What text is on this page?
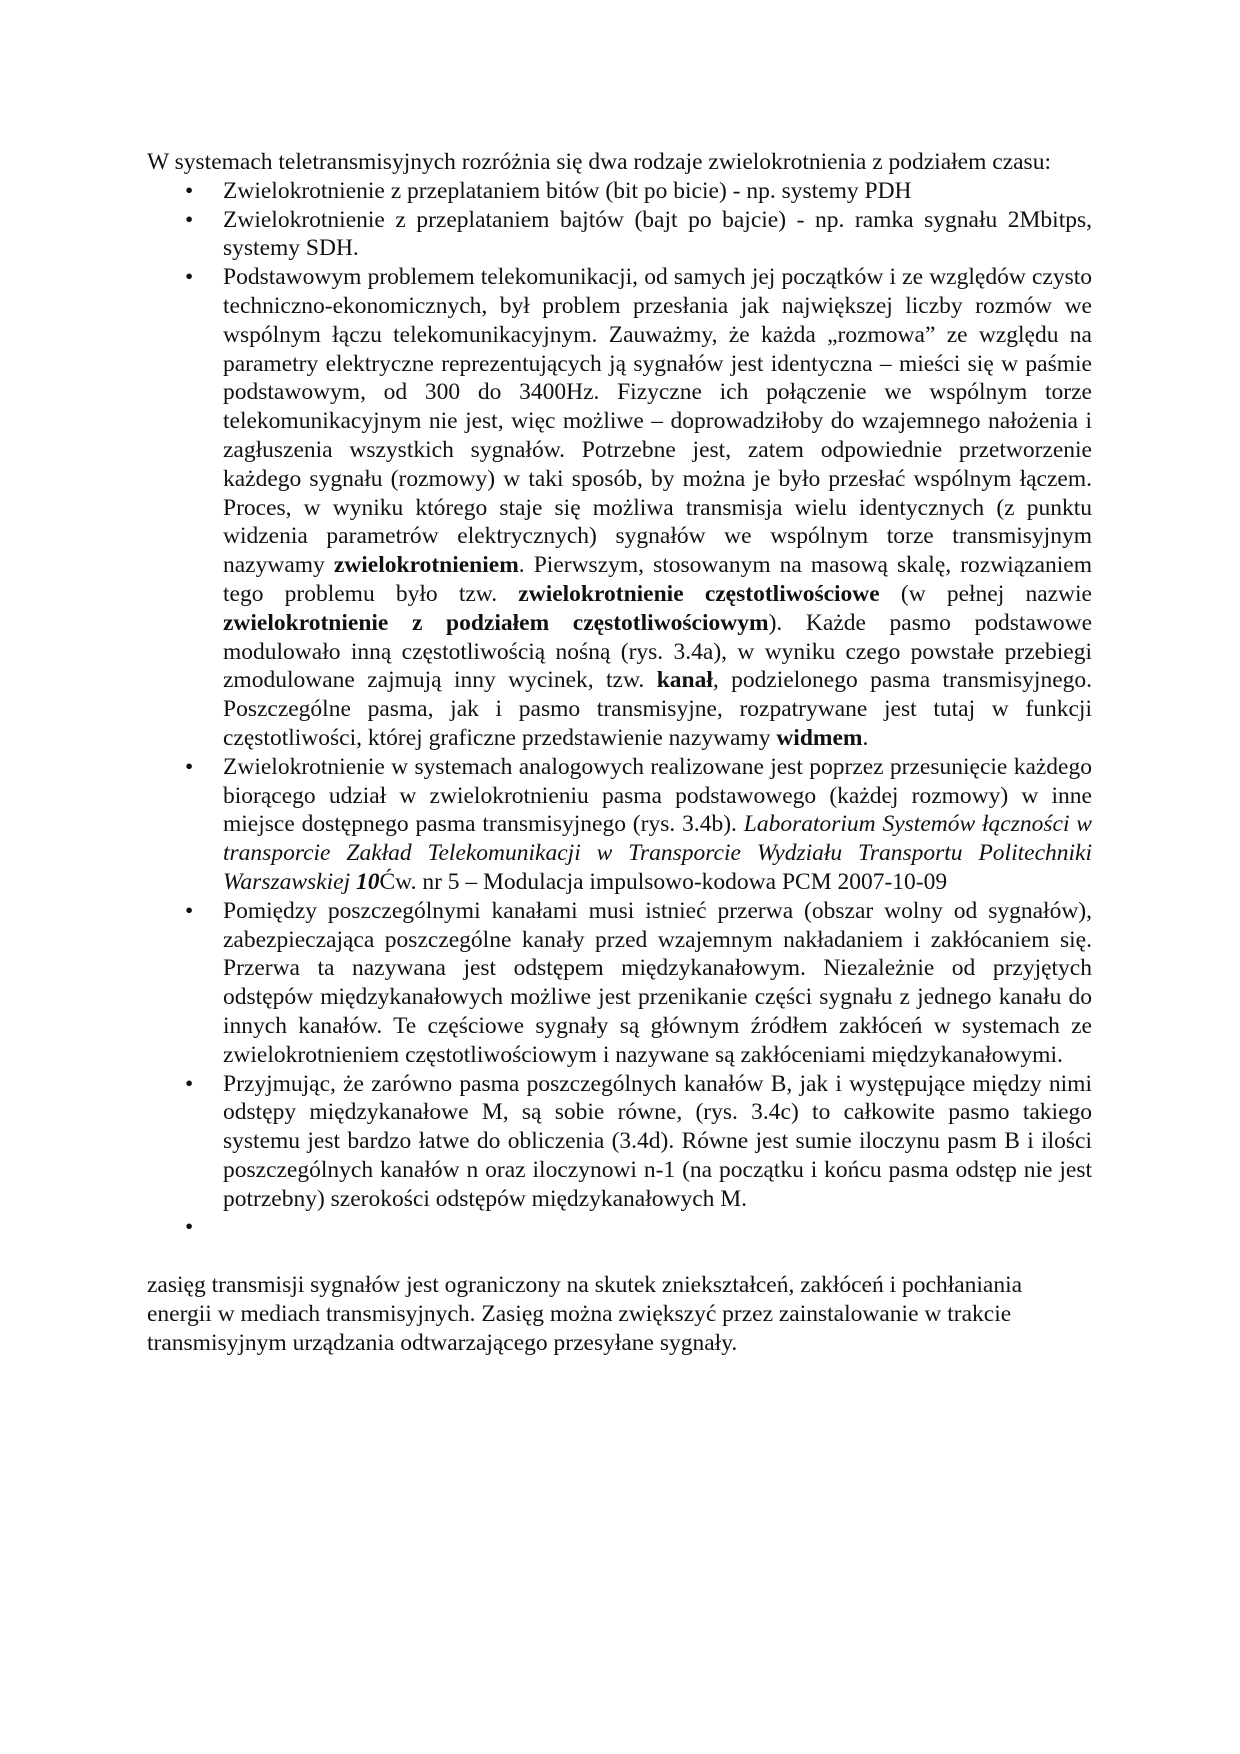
W systemach teletransmisyjnych rozróżnia się dwa rodzaje zwielokrotnienia z podziałem czasu:

• Zwielokrotnienie z przeplataniem bitów (bit po bicie) - np. systemy PDH
• Zwielokrotnienie z przeplataniem bajtów (bajt po bajcie) - np. ramka sygnału 2Mbitps, systemy SDH.
• Podstawowym problemem telekomunikacji, od samych jej początków i ze względów czysto techniczno-ekonomicznych, był problem przesłania jak największej liczby rozmów we wspólnym łączu telekomunikacyjnym. Zauważmy, że każda „rozmowa” ze względu na parametry elektryczne reprezentujących ją sygnałów jest identyczna – mieści się w paśmie podstawowym, od 300 do 3400Hz. Fizyczne ich połączenie we wspólnym torze telekomunikacyjnym nie jest, więc możliwe – doprowadziłoby do wzajemnego nałożenia i zagłuszenia wszystkich sygnałów. Potrzebne jest, zatem odpowiednie przetworzenie każdego sygnału (rozmowy) w taki sposób, by można je było przesłać wspólnym łączem. Proces, w wyniku którego staje się możliwa transmisja wielu identycznych (z punktu widzenia parametrów elektrycznych) sygnałów we wspólnym torze transmisyjnym nazywamy zwielokrotnieniem. Pierwszym, stosowanym na masową skalę, rozwiązaniem tego problemu było tzw. zwielokrotnienie częstotliwościowe (w pełnej nazwie zwielokrotnienie z podziałem częstotliwościowym). Każde pasmo podstawowe modulowało inną częstotliwością nośną (rys. 3.4a), w wyniku czego powstałe przebiegi zmodulowane zajmują inny wycinek, tzw. kanał, podzielonego pasma transmisyjnego. Poszczególne pasma, jak i pasmo transmisyjne, rozpatrywane jest tutaj w funkcji częstotliwości, której graficzne przedstawienie nazywamy widmem.
• Zwielokrotnienie w systemach analogowych realizowane jest poprzez przesunięcie każdego biorącego udział w zwielokrotnieniu pasma podstawowego (każdej rozmowy) w inne miejsce dostępnego pasma transmisyjnego (rys. 3.4b). Laboratorium Systemów łączności w transporcie Zakład Telekomunikacji w Transporcie Wydziału Transportu Politechniki Warszawskiej 10Ćw. nr 5 – Modulacja impulsowo-kodowa PCM 2007-10-09
• Pomiędzy poszczególnymi kanałami musi istnieć przerwa (obszar wolny od sygnałów), zabezpieczająca poszczególne kanały przed wzajemnym nakładaniem i zakłócaniem się. Przerwa ta nazywana jest odstępem międzykanałowym. Niezależnie od przyjętych odstępów międzykanałowych możliwe jest przenikanie części sygnału z jednego kanału do innych kanałów. Te częściowe sygnały są głównym źródłem zakłóceń w systemach ze zwielokrotnieniem częstotliwościowym i nazywane są zakłóceniami międzykanałowymi.
• Przyjmując, że zarówno pasma poszczególnych kanałów B, jak i występujące między nimi odstępy międzykanałowe M, są sobie równe, (rys. 3.4c) to całkowite pasmo takiego systemu jest bardzo łatwe do obliczenia (3.4d). Równe jest sumie iloczynu pasm B i ilości poszczególnych kanałów n oraz iloczynowi n-1 (na początku i końcu pasma odstęp nie jest potrzebny) szerokości odstępów międzykanałowych M.
•

zasięg transmisji sygnałów jest ograniczony na skutek zniekształceń, zakłóceń i pochłaniania energii w mediach transmisyjnych. Zasięg można zwiększyć przez zainstalowanie w trakcie transmisyjnym urządzania odtwarzającego przesyłane sygnały.
